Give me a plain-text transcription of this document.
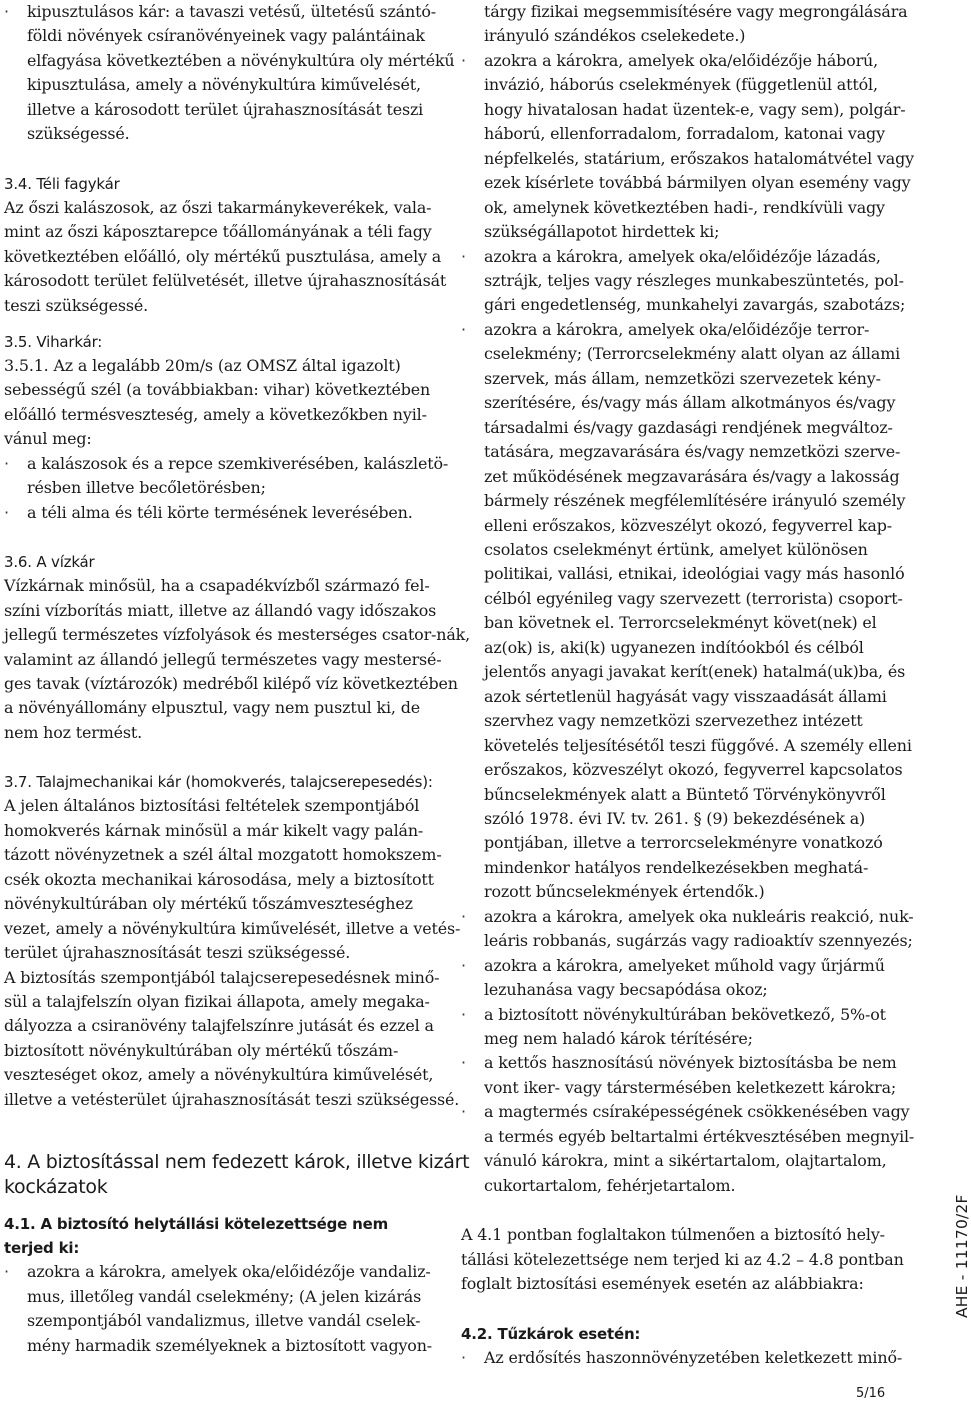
· kipusztulásos kár: a tavaszi vetésű, ültetésű szántó-
földi növények csíranövényeinek vagy palántáinak
elfagyása következtében a növénykultúra oly mértékű
kipusztulása, amely a növénykultúra kiművelését,
illetve a károsodott terület újrahasznosítását teszi
szükségessé.
3.4. Téli fagykár
Az őszi kalászosok, az őszi takarmánykeverékek, vala-
mint az őszi káposztarepce tőállományának a téli fagy
következtében előálló, oly mértékű pusztulása, amely a
károsodott terület felülvetését, illetve újrahasznosítását
teszi szükségessé.
3.5. Viharkár:
3.5.1. Az a legalább 20m/s (az OMSZ által igazolt)
sebességű szél (a továbbiakban: vihar) következtében
előálló termésveszteség, amely a következőkben nyil-
vánul meg:
· a kalászosok és a repce szemkiverésében, kalászletö-
résben illetve becőletörésben;
· a téli alma és téli körte termésének leverésében.
3.6. A vízkár
Vízkárnak minősül, ha a csapadékvízből származó fel-
színi vízborítás miatt, illetve az állandó vagy időszakos
jellegű természetes vízfolyások és mesterséges csator-nák,
valamint az állandó jellegű természetes vagy mestersé-
ges tavak (víztározók) medréből kilépő víz következtében
a növényállomány elpusztul, vagy nem pusztul ki, de
nem hoz termést.
3.7. Talajmechanikai kár (homokverés, talajcserepesedés):
A jelen általános biztosítási feltételek szempontjából
homokverés kárnak minősül a már kikelt vagy palán-
tázott növényzetnek a szél által mozgatott homokszem-
csék okozta mechanikai károsodása, mely a biztosított
növénykultúrában oly mértékű tőszámveszteséghez
vezet, amely a növénykultúra kiművelését, illetve a vetés-
terület újrahasznosítását teszi szükségessé.
A biztosítás szempontjából talajcserepesedésnek minő-
sül a talajfelszín olyan fizikai állapota, amely megaka-
dályozza a csiranövény talajfelszínre jutását és ezzel a
biztosított növénykultúrában oly mértékű tőszám-
veszteséget okoz, amely a növénykultúra kiművelését,
illetve a vetésterület újrahasznosítását teszi szükségessé.
4. A biztosítással nem fedezett károk, illetve kizárt
kockázatok
4.1. A biztosító helytállási kötelezettsége nem terjed ki:
· azokra a károkra, amelyek oka/előidézője vandaliz-
mus, illetőleg vandál cselekmény; (A jelen kizárás
szempontjából vandalizmus, illetve vandál cselek-
mény harmadik személyeknek a biztosított vagyon-
tárgy fizikai megsemmisítésére vagy megrongálására
irányuló szándékos cselekedete.)
· azokra a károkra, amelyek oka/előidézője háború,
invázió, háborús cselekmények (függetlenül attól,
hogy hivatalosan hadat üzentek-e, vagy sem), polgár-
háború, ellenforradalom, forradalom, katonai vagy
népfelkelés, statárium, erőszakos hatalomátvétel vagy
ezek kísérlete továbbá bármilyen olyan esemény vagy
ok, amelynek következtében hadi-, rendkívüli vagy
szükségállapotot hirdettek ki;
· azokra a károkra, amelyek oka/előidézője lázadás,
sztrájk, teljes vagy részleges munkabeszüntetés, pol-
gári engedetlenség, munkahelyi zavargás, szabotázs;
· azokra a károkra, amelyek oka/előidézője terror-
cselekmény; (Terrorcselekmény alatt olyan az állami
szervek, más állam, nemzetközi szervezetek kény-
szerítésére, és/vagy más állam alkotmányos és/vagy
társadalmi és/vagy gazdasági rendjének megváltoz-
tatására, megzavarására és/vagy nemzetközi szerve-
zet működésének megzavarására és/vagy a lakosság
bármely részének megfélemlítésére irányuló személy
elleni erőszakos, közveszélyt okozó, fegyverrel kap-
csolatos cselekményt értünk, amelyet különösen
politikai, vallási, etnikai, ideológiai vagy más hasonló
célból egyénileg vagy szervezett (terrorista) csoport-
ban követnek el. Terrorcselekményt követ(nek) el
az(ok) is, aki(k) ugyanezen indítóokból és célból
jelentős anyagi javakat kerít(enek) hatalmá(uk)ba, és
azok sértetlenül hagyását vagy visszaadását állami
szervhez vagy nemzetközi szervezethez intézett
követelés teljesítésétől teszi függővé. A személy elleni
erőszakos, közveszélyt okozó, fegyverrel kapcsolatos
bűncselekmények alatt a Büntető Törvénykönyvről
szóló 1978. évi IV. tv. 261. § (9) bekezdésének a)
pontjában, illetve a terrorcselekményre vonatkozó
mindenkor hatályos rendelkezésekben meghatá-
rozott bűncselekmények értendők.)
· azokra a károkra, amelyek oka nukleáris reakció, nuk-
leáris robbanás, sugárzás vagy radioaktív szennyezés;
· azokra a károkra, amelyeket műhold vagy űrjármű
lezuhanása vagy becsapódása okoz;
· a biztosított növénykultúrában bekövetkező, 5%-ot
meg nem haladó károk térítésére;
· a kettős hasznosítású növények biztosításba be nem
vont iker- vagy társtermésében keletkezett károkra;
· a magtermés csíraképességének csökkenésében vagy
a termés egyéb beltartalmi értékvesztésében megnyil-
vánuló károkra, mint a sikértartalom, olajtartalom,
cukortartalom, fehérjetartalom.
A 4.1 pontban foglaltakon túlmenően a biztosító hely-
tállási kötelezettsége nem terjed ki az 4.2 – 4.8 pontban
foglalt biztosítási események esetén az alábbiakra:
4.2. Tűzkárok esetén:
· Az erdősítés haszonnövényzetében keletkezett minő-
AHE - 11170/2F
5/16
